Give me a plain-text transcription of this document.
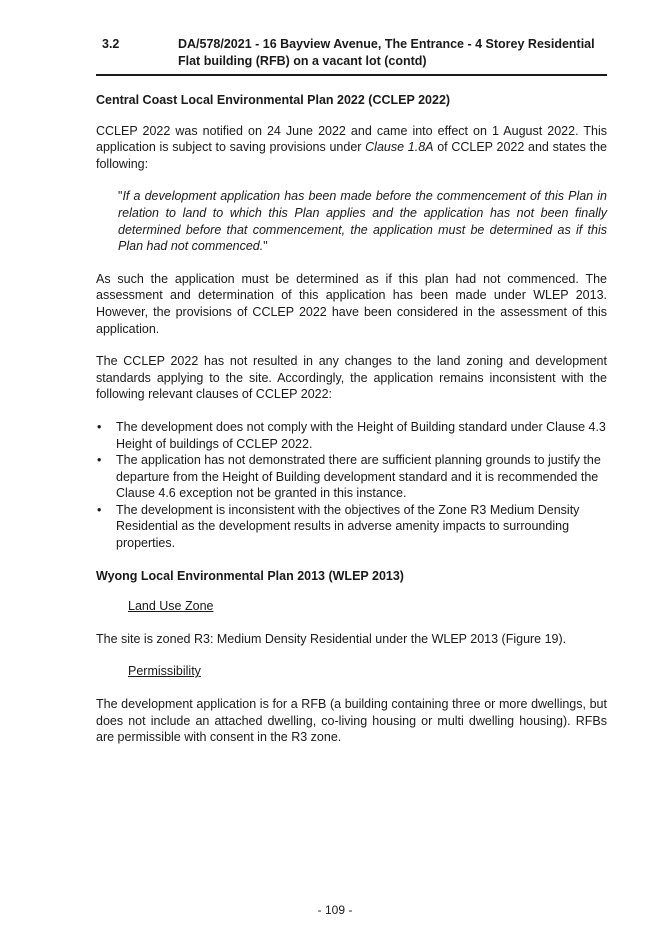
3.2	DA/578/2021 - 16 Bayview Avenue, The Entrance - 4 Storey Residential
Flat building (RFB) on a vacant lot (contd)
Central Coast Local Environmental Plan 2022 (CCLEP 2022)

CCLEP 2022 was notified on 24 June 2022 and came into effect on 1 August 2022. This application is subject to saving provisions under Clause 1.8A of CCLEP 2022 and states the following:

"If a development application has been made before the commencement of this Plan in relation to land to which this Plan applies and the application has not been finally determined before that commencement, the application must be determined as if this Plan had not commenced."

As such the application must be determined as if this plan had not commenced. The assessment and determination of this application has been made under WLEP 2013. However, the provisions of CCLEP 2022 have been considered in the assessment of this application.

The CCLEP 2022 has not resulted in any changes to the land zoning and development standards applying to the site. Accordingly, the application remains inconsistent with the following relevant clauses of CCLEP 2022:

• The development does not comply with the Height of Building standard under Clause 4.3 Height of buildings of CCLEP 2022.
• The application has not demonstrated there are sufficient planning grounds to justify the departure from the Height of Building development standard and it is recommended the Clause 4.6 exception not be granted in this instance.
• The development is inconsistent with the objectives of the Zone R3 Medium Density Residential as the development results in adverse amenity impacts to surrounding properties.
Wyong Local Environmental Plan 2013 (WLEP 2013)
Land Use Zone

The site is zoned R3: Medium Density Residential under the WLEP 2013 (Figure 19).

Permissibility

The development application is for a RFB (a building containing three or more dwellings, but does not include an attached dwelling, co-living housing or multi dwelling housing). RFBs are permissible with consent in the R3 zone.

- 109 -
